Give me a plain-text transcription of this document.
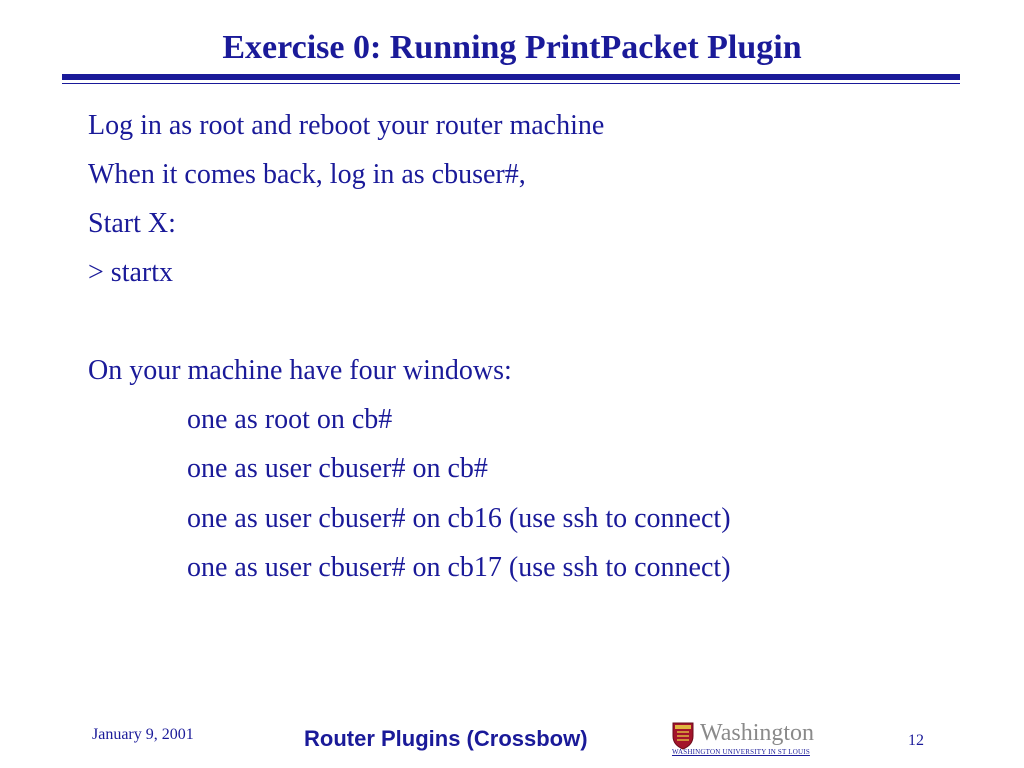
Exercise 0: Running PrintPacket Plugin
Log in as root and reboot your router machine
When it comes back, log in as cbuser#,
Start X:
> startx
On your machine have four windows:
one as root on cb#
one as user cbuser# on cb#
one as user cbuser# on cb16 (use ssh to connect)
one as user cbuser# on cb17 (use ssh to connect)
January 9, 2001	Router Plugins (Crossbow)	Washington
WASHINGTON UNIVERSITY IN ST LOUIS
12
